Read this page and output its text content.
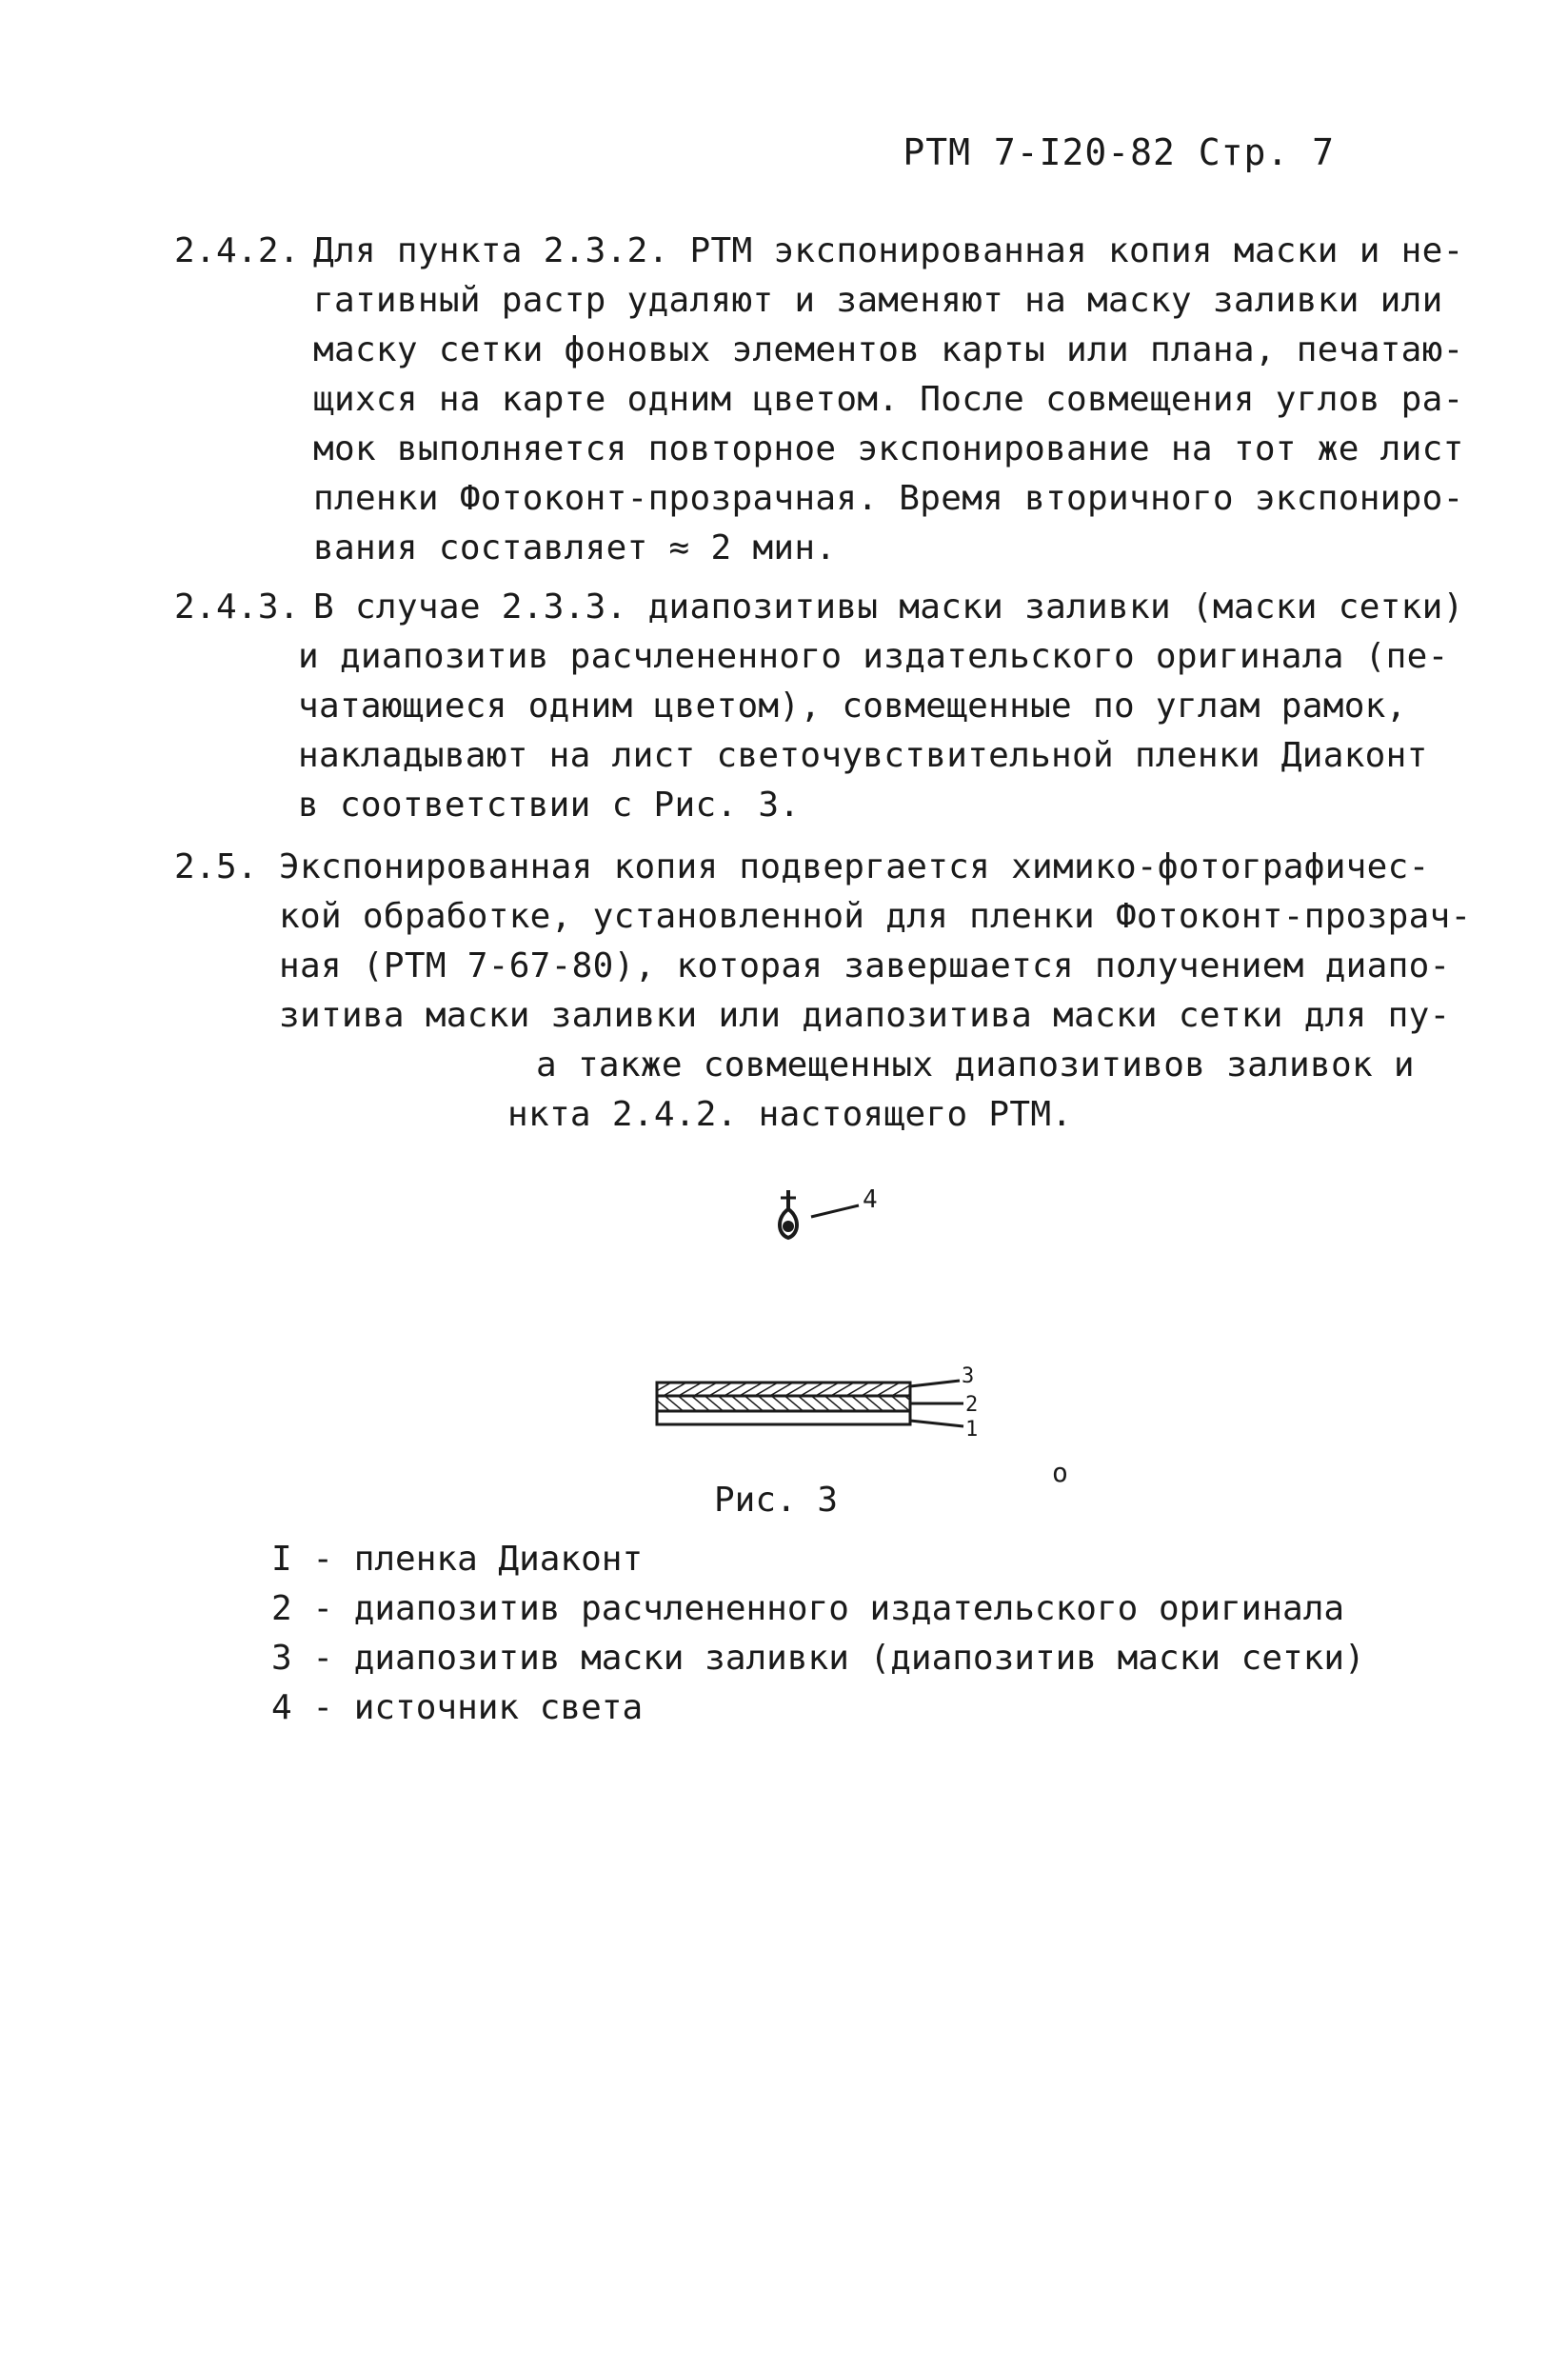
РТМ 7-I20-82 Стр. 7
2.4.2. Для пункта 2.3.2. РТМ экспонированная копия маски и не-
гативный растр удаляют и заменяют на маску заливки или
маску сетки фоновых элементов карты или плана, печатаю-
щихся на карте одним цветом. После совмещения углов ра-
мок выполняется повторное экспонирование на тот же лист
пленки Фотоконт-прозрачная. Время вторичного экспониро-
вания составляет ≈ 2 мин.
2.4.3. В случае 2.3.3. диапозитивы маски заливки (маски сетки)
и диапозитив расчлененного издательского оригинала (пе-
чатающиеся одним цветом), совмещенные по углам рамок,
накладывают на лист светочувствительной пленки Диаконт
в соответствии с Рис. 3.
2.5. Экспонированная копия подвергается химико-фотографичес-
кой обработке, установленной для пленки Фотоконт-прозрач-
ная (РТМ 7-67-80), которая завершается получением диапо-
зитива маски заливки или диапозитива маски сетки для пу-
а также совмещенных диапозитивов заливок и
нкта 2.4.2. настоящего РТМ.
4
3
2
1
о
Рис. 3
I - пленка Диаконт
2 - диапозитив расчлененного издательского оригинала
3 - диапозитив маски заливки (диапозитив маски сетки)
4 - источник света
